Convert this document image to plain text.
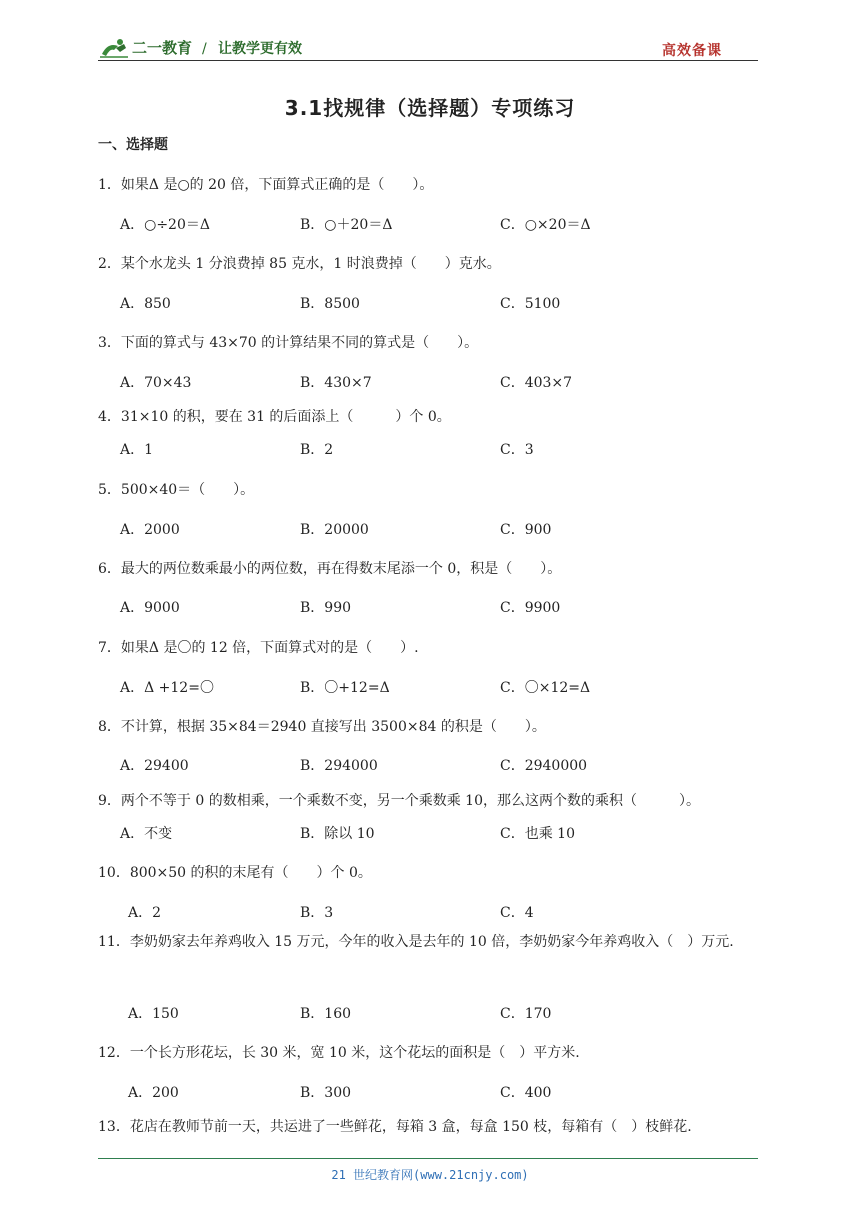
二一教育 / 让教学更有效	高效备课
3.1找规律（选择题）专项练习
一、选择题
1．如果Δ 是○的 20 倍，下面算式正确的是（　　）。
A．○÷20＝Δ	B．○＋20＝Δ	C．○×20＝Δ
2．某个水龙头 1 分浪费掉 85 克水，1 时浪费掉（　　）克水。
A．850	B．8500	C．5100
3．下面的算式与 43×70 的计算结果不同的算式是（　　）。
A．70×43	B．430×7	C．403×7
4．31×10 的积，要在 31 的后面添上（　　　）个 0。
A．1	B．2	C．3
5．500×40＝（　　）。
A．2000	B．20000	C．900
6．最大的两位数乘最小的两位数，再在得数末尾添一个 0，积是（　　）。
A．9000	B．990	C．9900
7．如果Δ 是〇的 12 倍，下面算式对的是（　　）.
A．Δ +12=〇	B．〇+12=Δ	C．〇×12=Δ
8．不计算，根据 35×84＝2940 直接写出 3500×84 的积是（　　）。
A．29400	B．294000	C．2940000
9．两个不等于 0 的数相乘，一个乘数不变，另一个乘数乘 10，那么这两个数的乘积（　　　）。
A．不变	B．除以 10	C．也乘 10
10．800×50 的积的末尾有（　　）个 0。
A．2	B．3	C．4
11．李奶奶家去年养鸡收入 15 万元，今年的收入是去年的 10 倍，李奶奶家今年养鸡收入（　）万元.
A．150	B．160	C．170
12．一个长方形花坛，长 30 米，宽 10 米，这个花坛的面积是（　）平方米.
A．200	B．300	C．400
13．花店在教师节前一天，共运进了一些鲜花，每箱 3 盒，每盒 150 枝，每箱有（　）枝鲜花.
21 世纪教育网(www.21cnjy.com)
